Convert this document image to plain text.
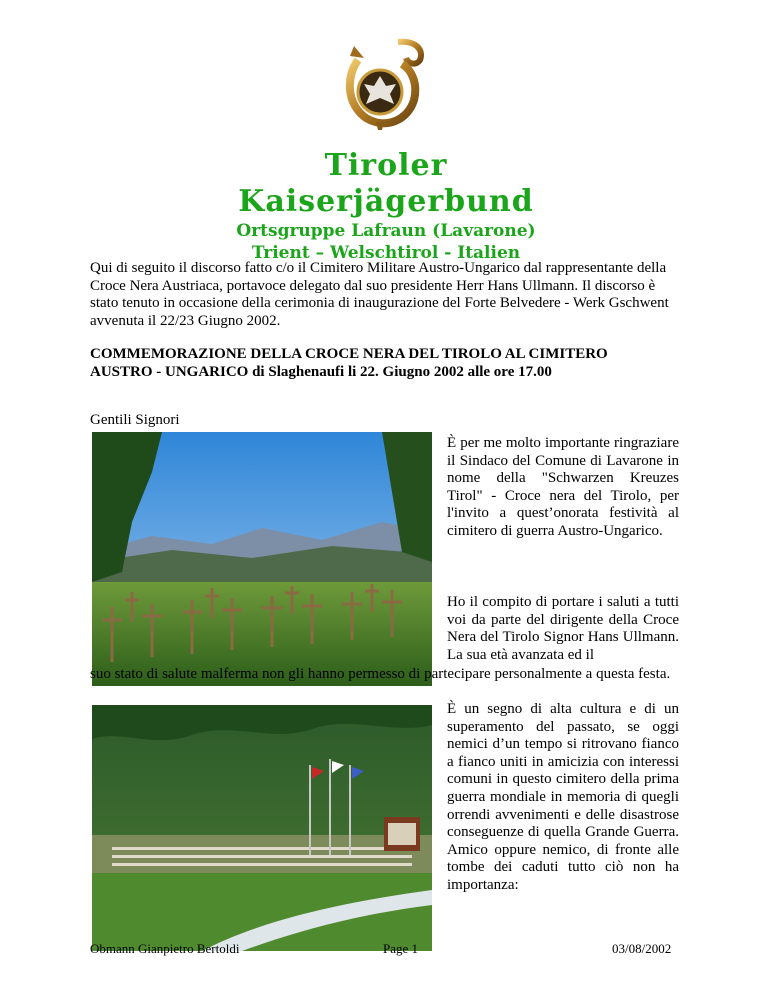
Tiroler Kaiserjägerbund
Ortsgruppe Lafraun (Lavarone)
Trient – Welschtirol - Italien
Qui di seguito il discorso fatto c/o il Cimitero Militare Austro-Ungarico dal rappresentante della Croce Nera Austriaca, portavoce delegato dal suo presidente Herr Hans Ullmann. Il discorso è stato tenuto in occasione della cerimonia di inaugurazione del Forte Belvedere - Werk Gschwent avvenuta il 22/23 Giugno 2002.
COMMEMORAZIONE DELLA CROCE NERA DEL TIROLO AL CIMITERO AUSTRO - UNGARICO di Slaghenaufi li 22. Giugno 2002 alle ore 17.00
Gentili Signori
È per me molto importante ringraziare il Sindaco del Comune di Lavarone in nome della "Schwarzen Kreuzes Tirol" - Croce nera del Tirolo, per l'invito a quest’onorata festività al cimitero di guerra Austro-Ungarico.
Ho il compito di portare i saluti a tutti voi da parte del dirigente della Croce Nera del Tirolo Signor Hans Ullmann. La sua età avanzata ed il
suo stato di salute malferma non gli hanno permesso di partecipare personalmente a questa festa.
È un segno di alta cultura e di un superamento del passato, se oggi nemici d’un tempo si ritrovano fianco a fianco uniti in amicizia con interessi comuni in questo cimitero della prima guerra mondiale in memoria di quegli orrendi avvenimenti e delle disastrose conseguenze di quella Grande Guerra. Amico oppure nemico, di fronte alle tombe dei caduti tutto ciò non ha importanza:
Obmann Gianpietro Bertoldi	Page 1	03/08/2002
